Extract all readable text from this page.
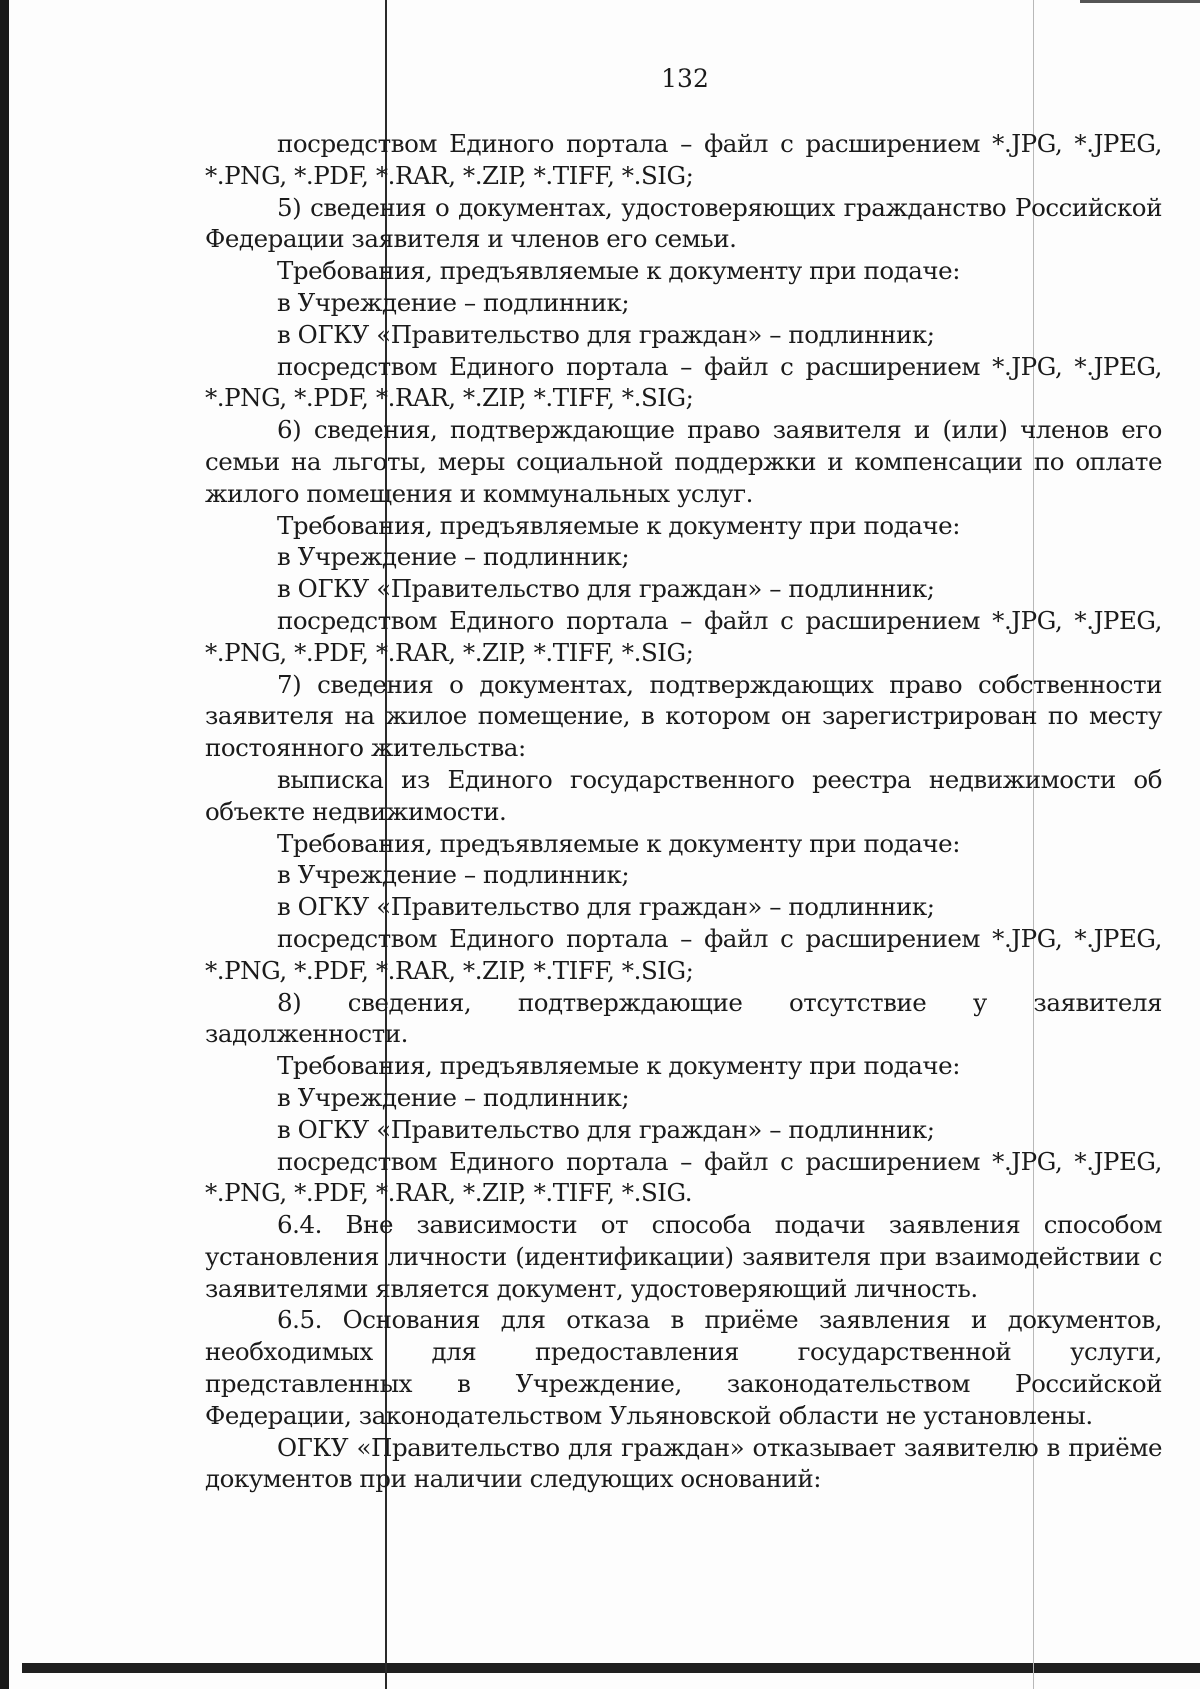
132

посредством Единого портала – файл с расширением *.JPG, *.JPEG, *.PNG, *.PDF, *.RAR, *.ZIP, *.TIFF, *.SIG;

5) сведения о документах, удостоверяющих гражданство Российской Федерации заявителя и членов его семьи.

Требования, предъявляемые к документу при подаче:

в Учреждение – подлинник;

в ОГКУ «Правительство для граждан» – подлинник;

посредством Единого портала – файл с расширением *.JPG, *.JPEG, *.PNG, *.PDF, *.RAR, *.ZIP, *.TIFF, *.SIG;

6) сведения, подтверждающие право заявителя и (или) членов его семьи на льготы, меры социальной поддержки и компенсации по оплате жилого помещения и коммунальных услуг.

Требования, предъявляемые к документу при подаче:

в Учреждение – подлинник;

в ОГКУ «Правительство для граждан» – подлинник;

посредством Единого портала – файл с расширением *.JPG, *.JPEG, *.PNG, *.PDF, *.RAR, *.ZIP, *.TIFF, *.SIG;

7) сведения о документах, подтверждающих право собственности заявителя на жилое помещение, в котором он зарегистрирован по месту постоянного жительства:

выписка из Единого государственного реестра недвижимости об объекте недвижимости.

Требования, предъявляемые к документу при подаче:

в Учреждение – подлинник;

в ОГКУ «Правительство для граждан» – подлинник;

посредством Единого портала – файл с расширением *.JPG, *.JPEG, *.PNG, *.PDF, *.RAR, *.ZIP, *.TIFF, *.SIG;

8) сведения, подтверждающие отсутствие у заявителя задолженности.

Требования, предъявляемые к документу при подаче:

в Учреждение – подлинник;

в ОГКУ «Правительство для граждан» – подлинник;

посредством Единого портала – файл с расширением *.JPG, *.JPEG, *.PNG, *.PDF, *.RAR, *.ZIP, *.TIFF, *.SIG.

6.4. Вне зависимости от способа подачи заявления способом установления личности (идентификации) заявителя при взаимодействии с заявителями является документ, удостоверяющий личность.

6.5. Основания для отказа в приёме заявления и документов, необходимых для предоставления государственной услуги, представленных в Учреждение, законодательством Российской Федерации, законодательством Ульяновской области не установлены.

ОГКУ «Правительство для граждан» отказывает заявителю в приёме документов при наличии следующих оснований:
